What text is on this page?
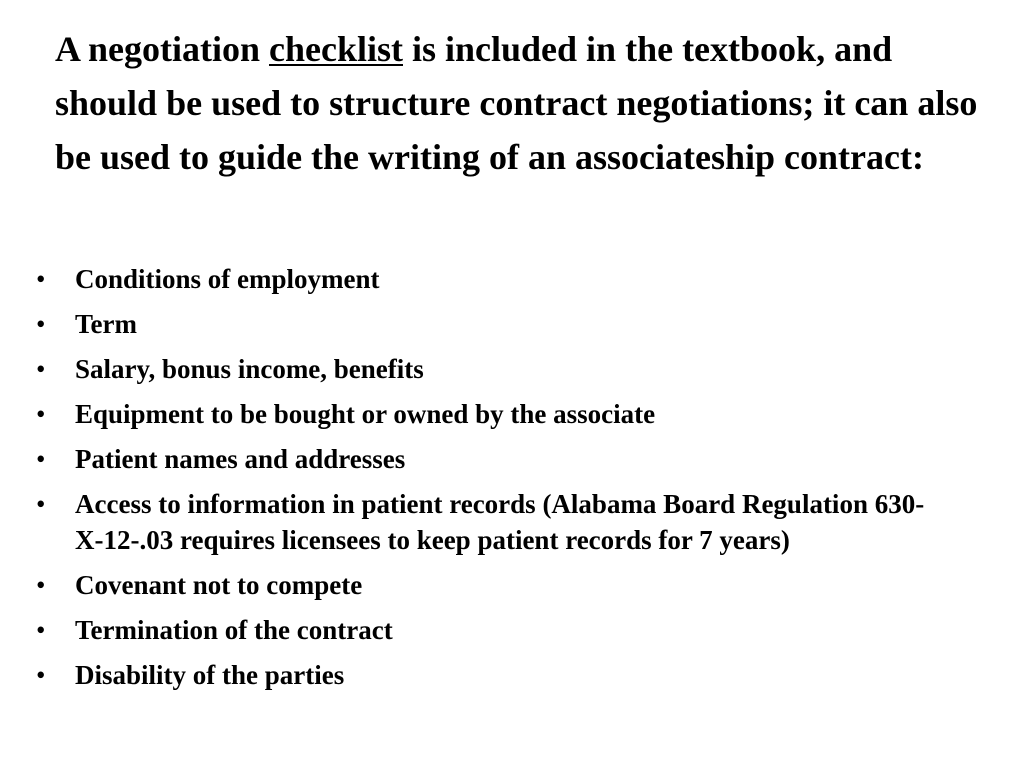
A negotiation checklist is included in the textbook, and should be used to structure contract negotiations; it can also be used to guide the writing of an associateship contract:
• Conditions of employment
• Term
• Salary, bonus income, benefits
• Equipment to be bought or owned by the associate
• Patient names and addresses
• Access to information in patient records (Alabama Board Regulation 630-X-12-.03 requires licensees to keep patient records for 7 years)
• Covenant not to compete
• Termination of the contract
• Disability of the parties
